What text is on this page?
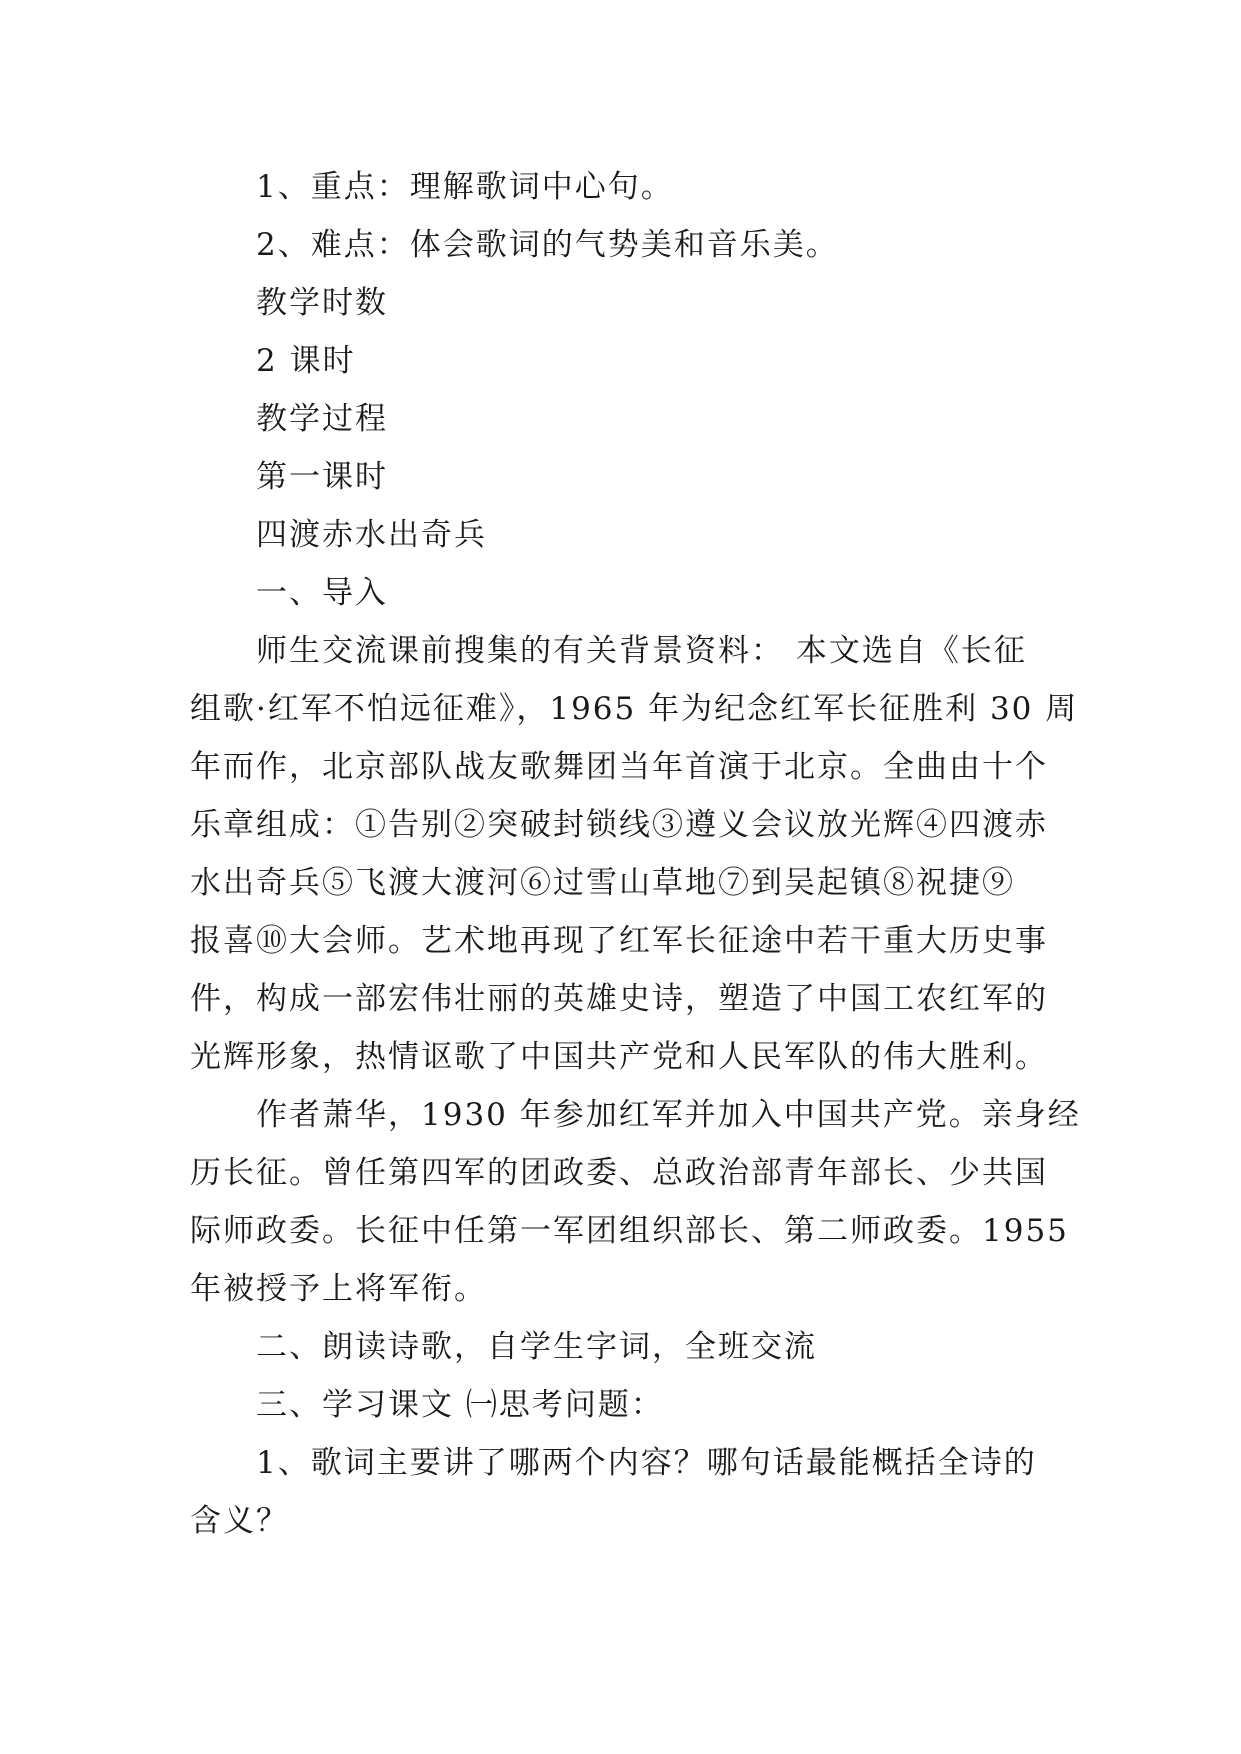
1、重点：理解歌词中心句。
2、难点：体会歌词的气势美和音乐美。
教学时数
2 课时
教学过程
第一课时
四渡赤水出奇兵
一、导入
师生交流课前搜集的有关背景资料： 本文选自《长征
组歌·红军不怕远征难》，1965 年为纪念红军长征胜利 30 周
年而作，北京部队战友歌舞团当年首演于北京。全曲由十个
乐章组成：①告别②突破封锁线③遵义会议放光辉④四渡赤
水出奇兵⑤飞渡大渡河⑥过雪山草地⑦到吴起镇⑧祝捷⑨
报喜⑩大会师。艺术地再现了红军长征途中若干重大历史事
件，构成一部宏伟壮丽的英雄史诗，塑造了中国工农红军的
光辉形象，热情讴歌了中国共产党和人民军队的伟大胜利。
作者萧华，1930 年参加红军并加入中国共产党。亲身经
历长征。曾任第四军的团政委、总政治部青年部长、少共国
际师政委。长征中任第一军团组织部长、第二师政委。1955
年被授予上将军衔。
二、朗读诗歌，自学生字词，全班交流
三、学习课文 ㈠思考问题：
1、歌词主要讲了哪两个内容？哪句话最能概括全诗的
含义？
